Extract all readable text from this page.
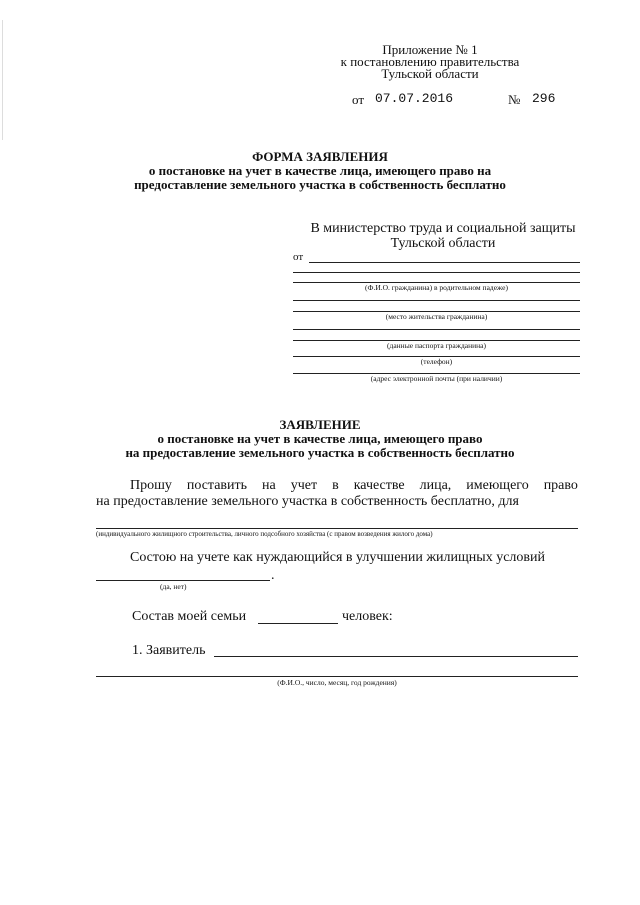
Приложение № 1
к постановлению правительства
Тульской области
от 07.07.2016	№ 296
ФОРМА ЗАЯВЛЕНИЯ
о постановке на учет в качестве лица, имеющего право на
предоставление земельного участка в собственность бесплатно
В министерство труда и социальной защиты
Тульской области
от
(Ф.И.О. гражданина) в родительном падеже)
(место жительства гражданина)
(данные паспорта гражданина)
(телефон)
(адрес электронной почты (при наличии)
ЗАЯВЛЕНИЕ
о постановке на учет в качестве лица, имеющего право
на предоставление земельного участка в собственность бесплатно
Прошу поставить на учет в качестве лица, имеющего право
на предоставление земельного участка в собственность бесплатно, для
(индивидуального жилищного строительства, личного подсобного хозяйства (с правом возведения жилого дома)
Состою на учете как нуждающийся в улучшении жилищных условий
.
(да, нет)
Состав моей семьи	человек:
1. Заявитель
(Ф.И.О., число, месяц, год рождения)
